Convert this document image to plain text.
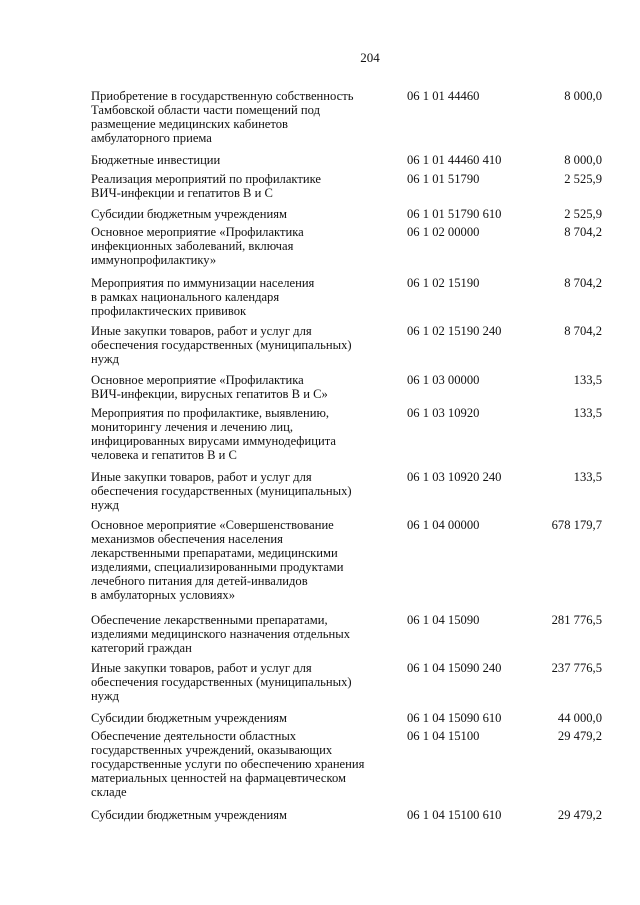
204
Приобретение в государственную собственность
Тамбовской области части помещений под
размещение медицинских кабинетов
амбулаторного приема
06 1 01 44460	8 000,0
Бюджетные инвестиции	06 1 01 44460 410	8 000,0
Реализация мероприятий по профилактике
ВИЧ-инфекции и гепатитов В и С
06 1 01 51790	2 525,9
Субсидии бюджетным учреждениям	06 1 01 51790 610	2 525,9
Основное мероприятие «Профилактика
инфекционных заболеваний, включая
иммунопрофилактику»
06 1 02 00000	8 704,2
Мероприятия по иммунизации населения
в рамках национального календаря
профилактических прививок
06 1 02 15190	8 704,2
Иные закупки товаров, работ и услуг для
обеспечения государственных (муниципальных)
нужд
06 1 02 15190 240	8 704,2
Основное мероприятие «Профилактика
ВИЧ-инфекции, вирусных гепатитов В и С»
06 1 03 00000	133,5
Мероприятия по профилактике, выявлению,
мониторингу лечения и лечению лиц,
инфицированных вирусами иммунодефицита
человека и гепатитов В и С
06 1 03 10920	133,5
Иные закупки товаров, работ и услуг для
обеспечения государственных (муниципальных)
нужд
06 1 03 10920 240	133,5
Основное мероприятие «Совершенствование
механизмов обеспечения населения
лекарственными препаратами, медицинскими
изделиями, специализированными продуктами
лечебного питания для детей-инвалидов
в амбулаторных условиях»
06 1 04 00000	678 179,7
Обеспечение лекарственными препаратами,
изделиями медицинского назначения отдельных
категорий граждан
06 1 04 15090	281 776,5
Иные закупки товаров, работ и услуг для
обеспечения государственных (муниципальных)
нужд
06 1 04 15090 240	237 776,5
Субсидии бюджетным учреждениям	06 1 04 15090 610	44 000,0
Обеспечение деятельности областных
государственных учреждений, оказывающих
государственные услуги по обеспечению хранения
материальных ценностей на фармацевтическом
складе
06 1 04 15100	29 479,2
Субсидии бюджетным учреждениям	06 1 04 15100 610	29 479,2
